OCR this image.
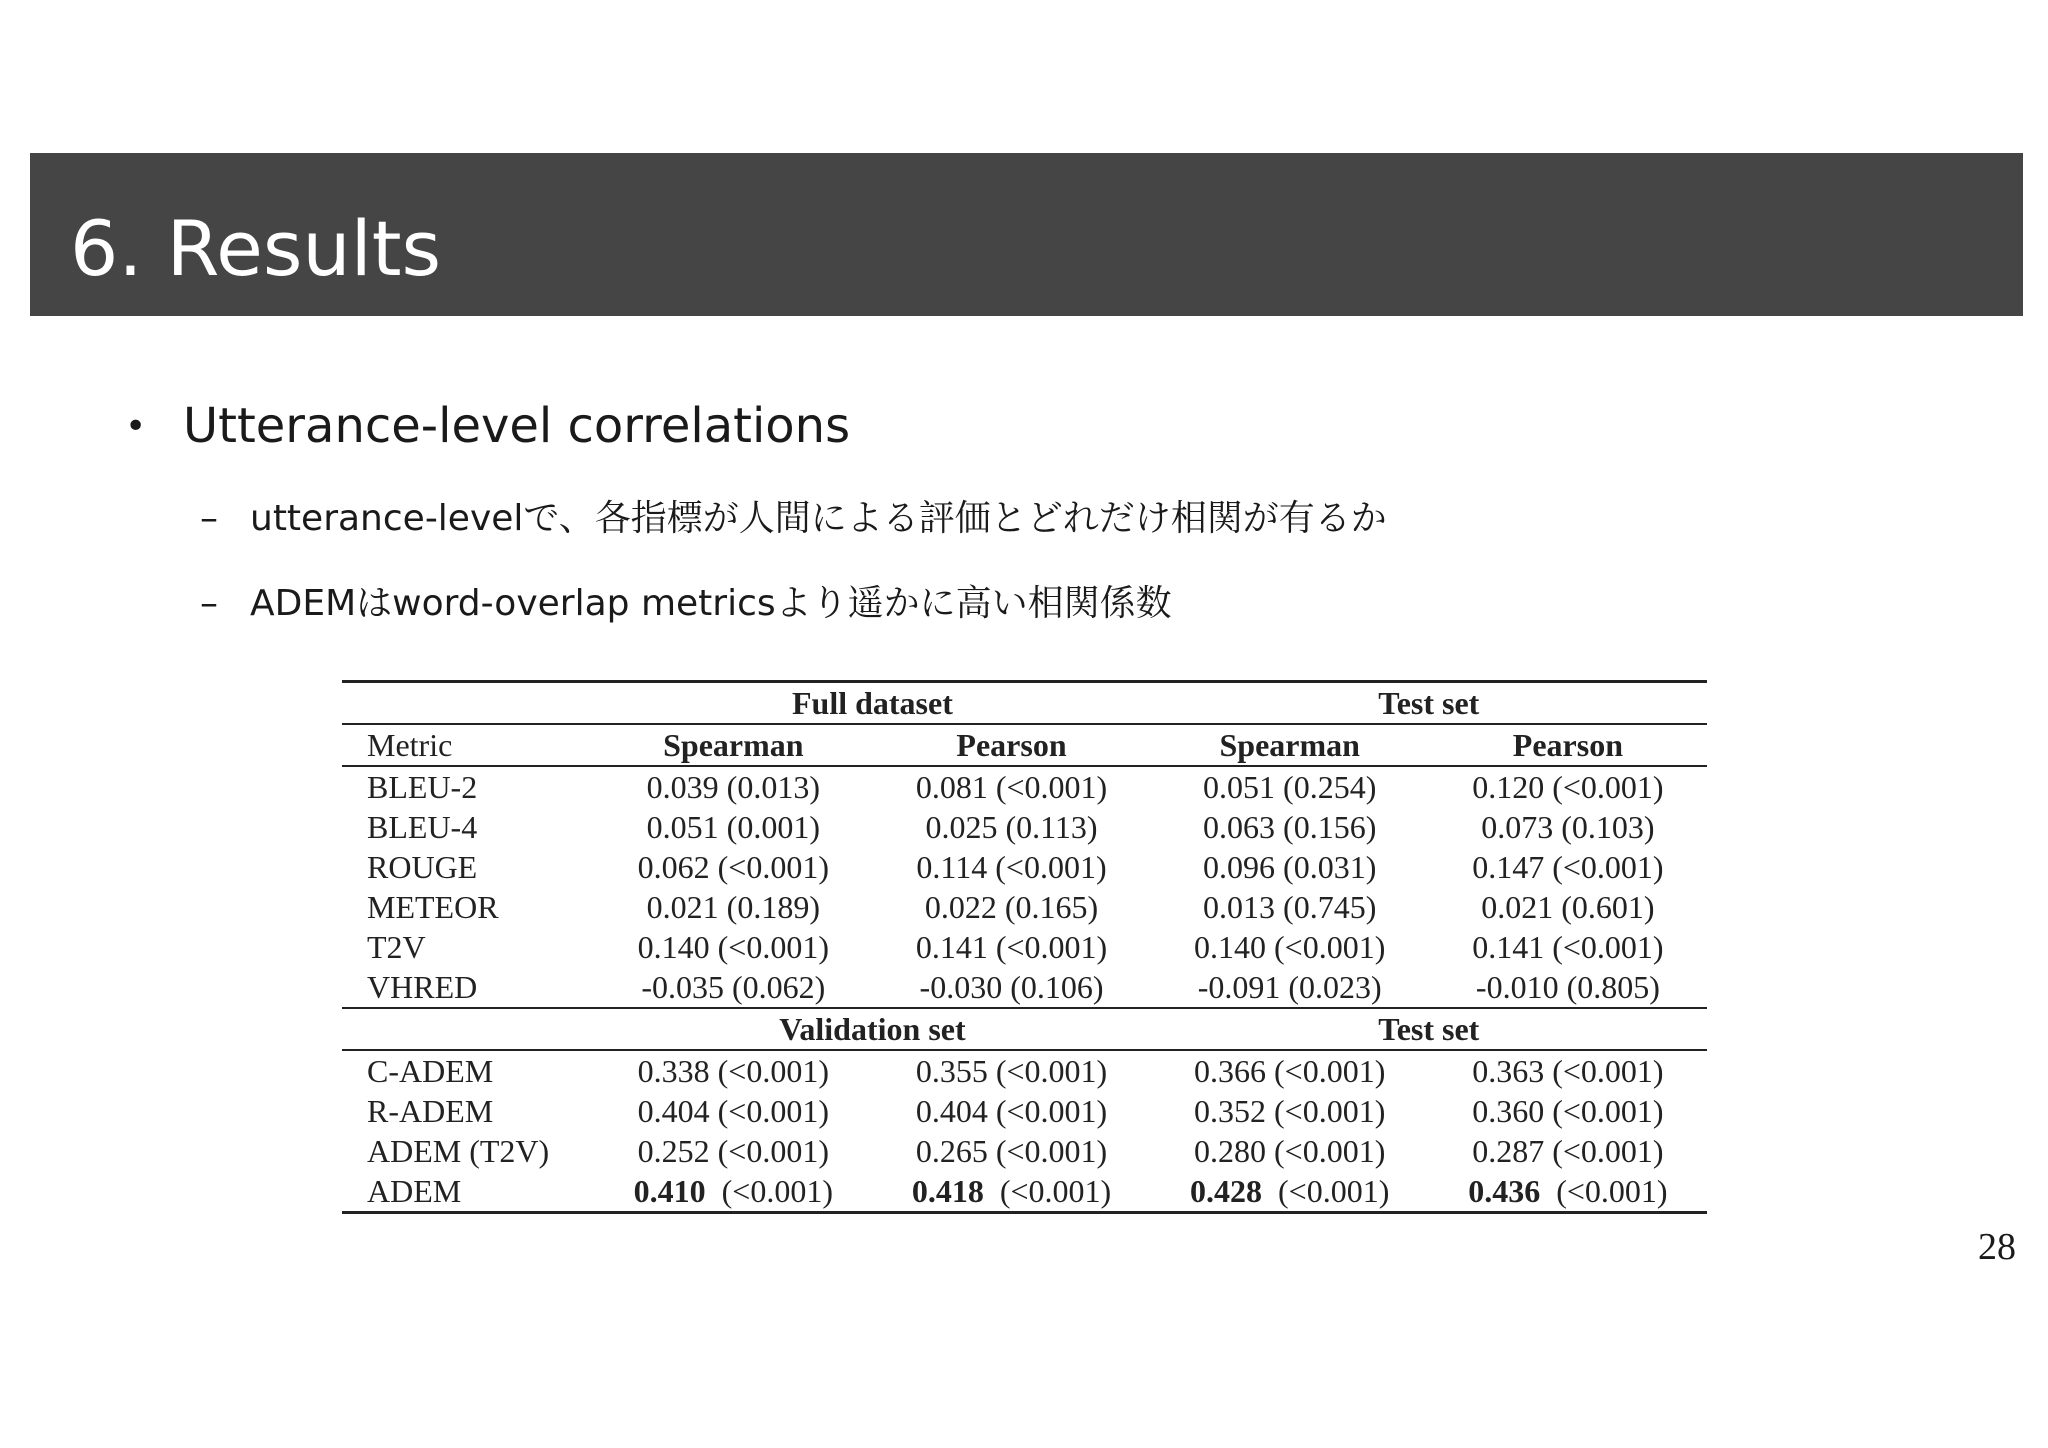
6. Results
• Utterance-level correlations
– utterance-levelで、各指標が人間による評価とどれだけ相関が有るか
– ADEMはword-overlap metricsより遥かに高い相関係数
	Full dataset		Test set	
Metric	Spearman	Pearson	Spearman	Pearson
BLEU-2	0.039 (0.013)	0.081 (<0.001)	0.051 (0.254)	0.120 (<0.001)
BLEU-4	0.051 (0.001)	0.025 (0.113)	0.063 (0.156)	0.073 (0.103)
ROUGE	0.062 (<0.001)	0.114 (<0.001)	0.096 (0.031)	0.147 (<0.001)
METEOR	0.021 (0.189)	0.022 (0.165)	0.013 (0.745)	0.021 (0.601)
T2V	0.140 (<0.001)	0.141 (<0.001)	0.140 (<0.001)	0.141 (<0.001)
VHRED	-0.035 (0.062)	-0.030 (0.106)	-0.091 (0.023)	-0.010 (0.805)
	Validation set		Test set	
C-ADEM	0.338 (<0.001)	0.355 (<0.001)	0.366 (<0.001)	0.363 (<0.001)
R-ADEM	0.404 (<0.001)	0.404 (<0.001)	0.352 (<0.001)	0.360 (<0.001)
ADEM (T2V)	0.252 (<0.001)	0.265 (<0.001)	0.280 (<0.001)	0.287 (<0.001)
ADEM	0.410 (<0.001)	0.418 (<0.001)	0.428 (<0.001)	0.436 (<0.001)
28
